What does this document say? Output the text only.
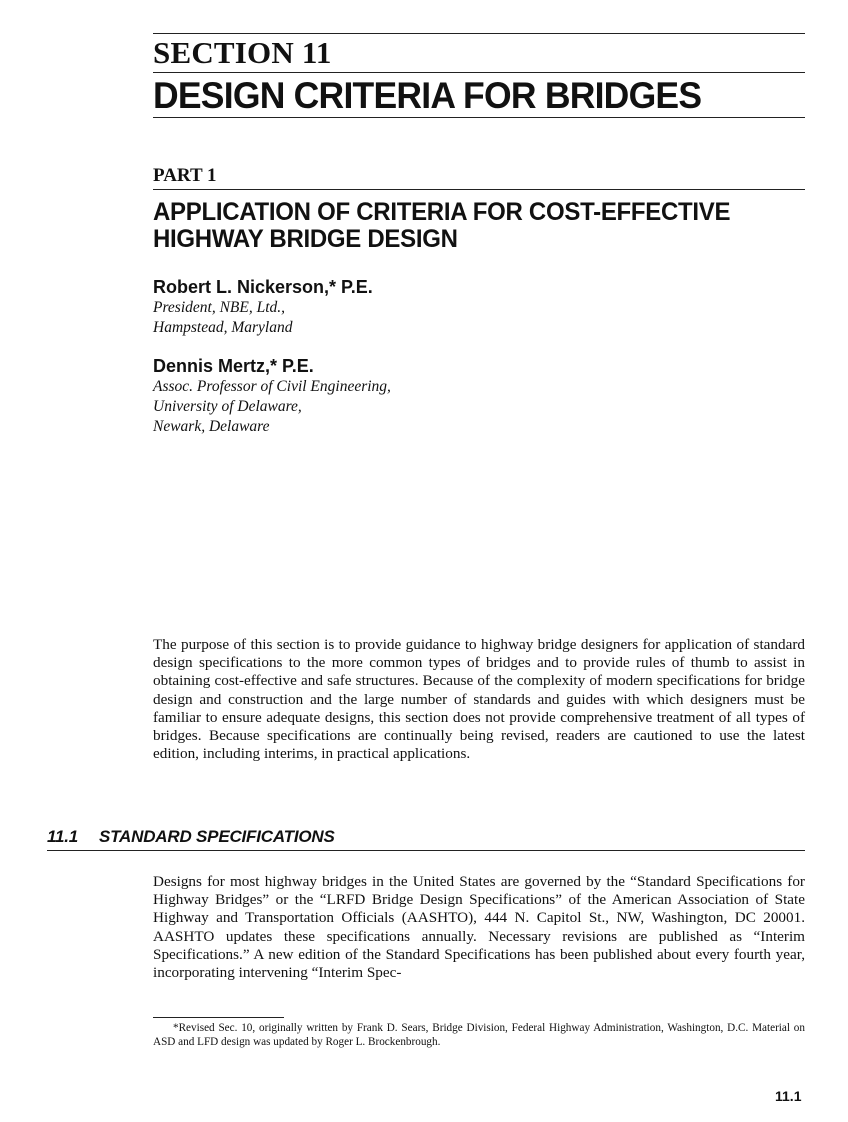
SECTION 11
DESIGN CRITERIA FOR BRIDGES
PART 1
APPLICATION OF CRITERIA FOR COST-EFFECTIVE
HIGHWAY BRIDGE DESIGN
Robert L. Nickerson,* P.E.
President, NBE, Ltd.,
Hampstead, Maryland
Dennis Mertz,* P.E.
Assoc. Professor of Civil Engineering,
University of Delaware,
Newark, Delaware
The purpose of this section is to provide guidance to highway bridge designers for application of standard design specifications to the more common types of bridges and to provide rules of thumb to assist in obtaining cost-effective and safe structures. Because of the complexity of modern specifications for bridge design and construction and the large number of standards and guides with which designers must be familiar to ensure adequate designs, this section does not provide comprehensive treatment of all types of bridges. Because specifications are continually being revised, readers are cautioned to use the latest edition, including interims, in practical applications.
11.1 STANDARD SPECIFICATIONS
Designs for most highway bridges in the United States are governed by the “Standard Specifications for Highway Bridges” or the “LRFD Bridge Design Specifications” of the American Association of State Highway and Transportation Officials (AASHTO), 444 N. Capitol St., NW, Washington, DC 20001. AASHTO updates these specifications annually. Necessary revisions are published as “Interim Specifications.” A new edition of the Standard Specifications has been published about every fourth year, incorporating intervening “Interim Spec-
*Revised Sec. 10, originally written by Frank D. Sears, Bridge Division, Federal Highway Administration, Washington, D.C. Material on ASD and LFD design was updated by Roger L. Brockenbrough.
11.1
